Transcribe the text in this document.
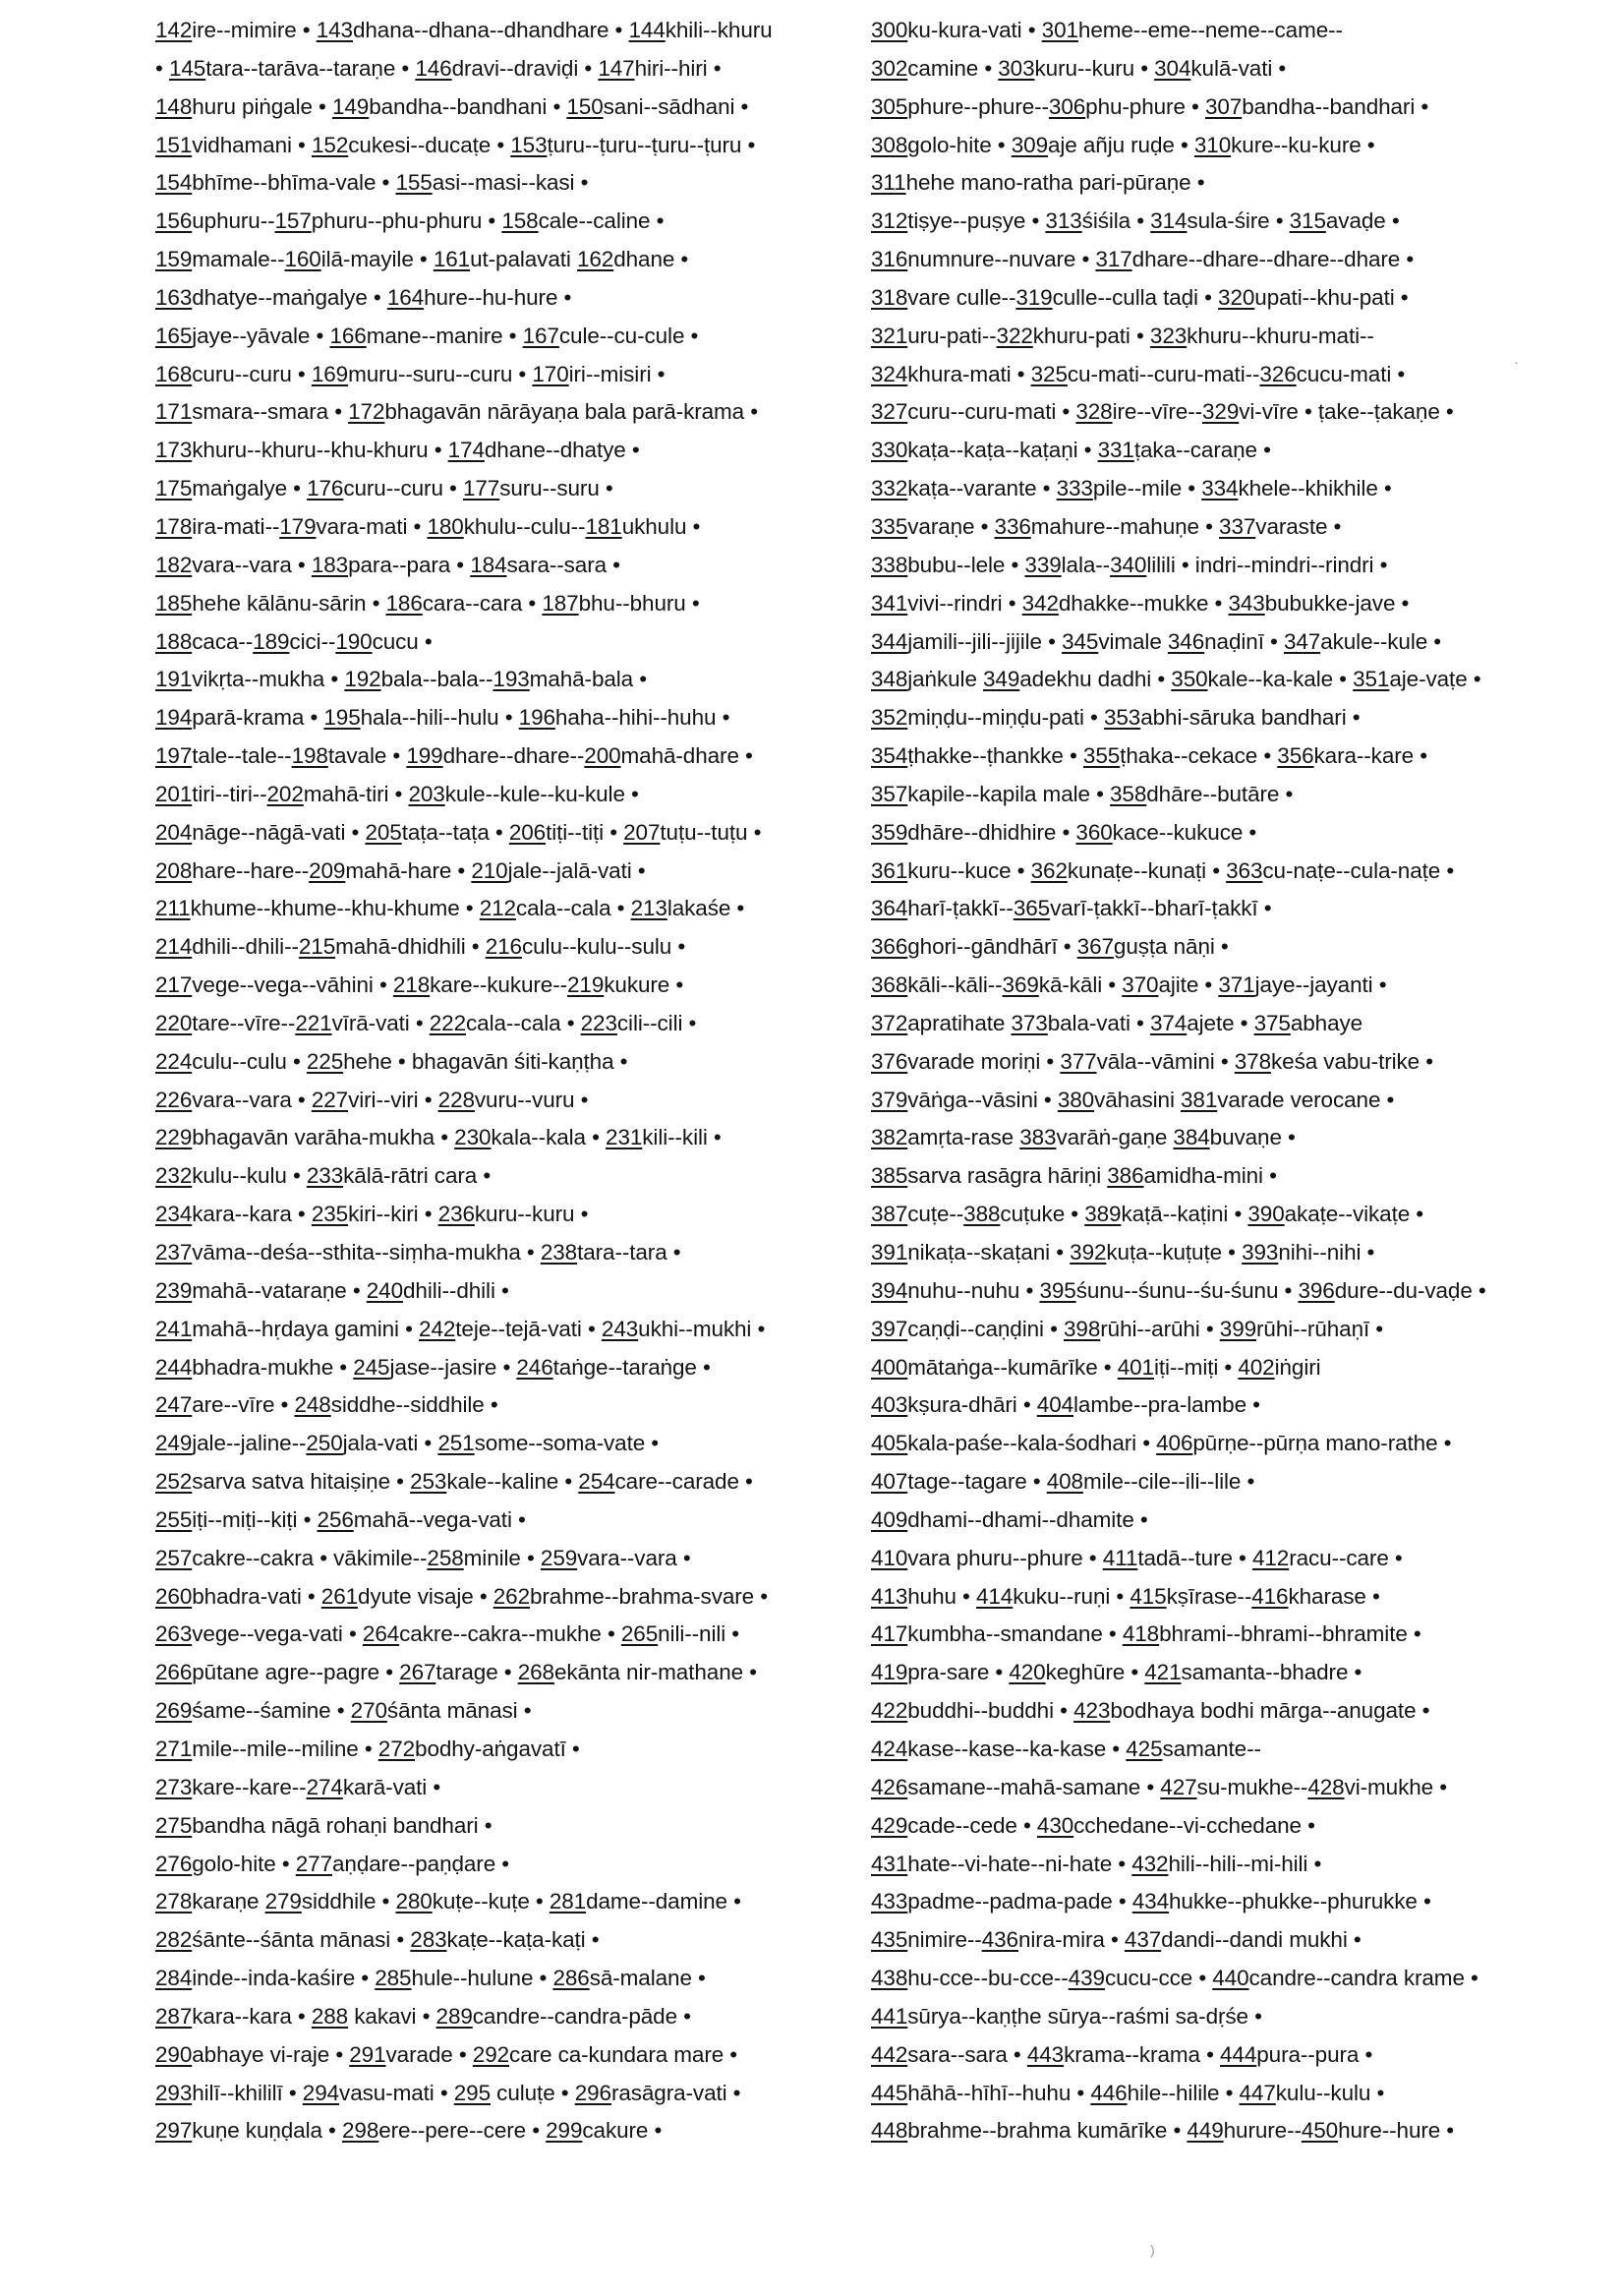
142ire--mimire • 143dhana--dhana--dhandhare • 144khili--khuru
• 145tara--tarāva--taraṇe • 146dravi--draviḍi • 147hiri--hiri •
148huru piṅgale • 149bandha--bandhani • 150sani--sādhani •
151vidhamani • 152cukesi--ducaṭe • 153ṭuru--ṭuru--ṭuru--ṭuru •
154bhīme--bhīma-vale • 155asi--masi--kasi •
156uphuru--157phuru--phu-phuru • 158cale--caline •
159mamale--160ilā-mayile • 161ut-palavati 162dhane •
163dhatye--maṅgalye • 164hure--hu-hure •
165jaye--yāvale • 166mane--manire • 167cule--cu-cule •
168curu--curu • 169muru--suru--curu • 170iri--misiri •
171smara--smara • 172bhagavān nārāyaṇa bala parā-krama •
173khuru--khuru--khu-khuru • 174dhane--dhatye •
175maṅgalye • 176curu--curu • 177suru--suru •
178ira-mati--179vara-mati • 180khulu--culu--181ukhulu •
182vara--vara • 183para--para • 184sara--sara •
185hehe kālānu-sārin • 186cara--cara • 187bhu--bhuru •
188caca--189cici--190cucu •
191vikṛta--mukha • 192bala--bala--193mahā-bala •
194parā-krama • 195hala--hili--hulu • 196haha--hihi--huhu •
197tale--tale--198tavale • 199dhare--dhare--200mahā-dhare •
201tiri--tiri--202mahā-tiri • 203kule--kule--ku-kule •
204nāge--nāgā-vati • 205taṭa--taṭa • 206tiṭi--tiṭi • 207tuṭu--tuṭu •
208hare--hare--209mahā-hare • 210jale--jalā-vati •
211khume--khume--khu-khume • 212cala--cala • 213lakaśe •
214dhili--dhili--215mahā-dhidhili • 216culu--kulu--sulu •
217vege--vega--vāhini • 218kare--kukure--219kukure •
220tare--vīre--221vīrā-vati • 222cala--cala • 223cili--cili •
224culu--culu • 225hehe • bhagavān śiti-kaṇṭha •
226vara--vara • 227viri--viri • 228vuru--vuru •
229bhagavān varāha-mukha • 230kala--kala • 231kili--kili •
232kulu--kulu • 233kālā-rātri cara •
234kara--kara • 235kiri--kiri • 236kuru--kuru •
237vāma--deśa--sthita--siṃha-mukha • 238tara--tara •
239mahā--vataraṇe • 240dhili--dhili •
241mahā--hṛdaya gamini • 242teje--tejā-vati • 243ukhi--mukhi •
244bhadra-mukhe • 245jase--jasire • 246taṅge--taraṅge •
247are--vīre • 248siddhe--siddhile •
249jale--jaline--250jala-vati • 251some--soma-vate •
252sarva satva hitaiṣiṇe • 253kale--kaline • 254care--carade •
255iṭi--miṭi--kiṭi • 256mahā--vega-vati •
257cakre--cakra • vākimile--258minile • 259vara--vara •
260bhadra-vati • 261dyute visaje • 262brahme--brahma-svare •
263vege--vega-vati • 264cakre--cakra--mukhe • 265nili--nili •
266pūtane agre--pagre • 267tarage • 268ekānta nir-mathane •
269śame--śamine • 270śānta mānasi •
271mile--mile--miline • 272bodhy-aṅgavatī •
273kare--kare--274karā-vati •
275bandha nāgā rohaṇi bandhari •
276golo-hite • 277aṇḍare--paṇḍare •
278karaṇe 279siddhile • 280kuṭe--kuṭe • 281dame--damine •
282śānte--śānta mānasi • 283kaṭe--kaṭa-kaṭi •
284inde--inda-kaśire • 285hule--hulune • 286sā-malane •
287kara--kara • 288 kakavi • 289candre--candra-pāde •
290abhaye vi-raje • 291varade • 292care ca-kundara mare •
293hilī--khililī • 294vasu-mati • 295 culuṭe • 296rasāgra-vati •
297kuṇe kuṇḍala • 298ere--pere--cere • 299cakure •
300ku-kura-vati • 301heme--eme--neme--came--
302camine • 303kuru--kuru • 304kulā-vati •
305phure--phure--306phu-phure • 307bandha--bandhari •
308golo-hite • 309aje añju ruḍe • 310kure--ku-kure •
311hehe mano-ratha pari-pūraṇe •
312tiṣye--puṣye • 313śiśila • 314sula-śire • 315avaḍe •
316numnure--nuvare • 317dhare--dhare--dhare--dhare •
318vare culle--319culle--culla taḍi • 320upati--khu-pati •
321uru-pati--322khuru-pati • 323khuru--khuru-mati--
324khura-mati • 325cu-mati--curu-mati--326cucu-mati •
327curu--curu-mati • 328ire--vīre--329vi-vīre • ṭake--ṭakaṇe •
330kaṭa--kaṭa--kaṭaṇi • 331ṭaka--caraṇe •
332kaṭa--varante • 333pile--mile • 334khele--khikhile •
335varaṇe • 336mahure--mahuṇe • 337varaste •
338bubu--lele • 339lala--340lilili • indri--mindri--rindri •
341vivi--rindri • 342dhakke--mukke • 343bubukke-jave •
344jamili--jili--jijile • 345vimale 346naḍinī • 347akule--kule •
348jaṅkule 349adekhu dadhi • 350kale--ka-kale • 351aje-vaṭe •
352miṇḍu--miṇḍu-pati • 353abhi-sāruka bandhari •
354ṭhakke--ṭhankke • 355ṭhaka--cekace • 356kara--kare •
357kapile--kapila male • 358dhāre--butāre •
359dhāre--dhidhire • 360kace--kukuce •
361kuru--kuce • 362kunaṭe--kunaṭi • 363cu-naṭe--cula-naṭe •
364harī-ṭakkī--365varī-ṭakkī--bharī-ṭakkī •
366ghori--gāndhārī • 367guṣṭa nāṇi •
368kāli--kāli--369kā-kāli • 370ajite • 371jaye--jayanti •
372apratihate 373bala-vati • 374ajete • 375abhaye
376varade moriṇi • 377vāla--vāmini • 378keśa vabu-trike •
379vāṅga--vāsini • 380vāhasini 381varade verocane •
382amṛta-rase 383varāṅ-gaṇe 384buvaṇe •
385sarva rasāgra hāriṇi 386amidha-mini •
387cuṭe--388cuṭuke • 389kaṭā--kaṭini • 390akaṭe--vikaṭe •
391nikaṭa--skaṭani • 392kuṭa--kuṭuṭe • 393nihi--nihi •
394nuhu--nuhu • 395śunu--śunu--śu-śunu • 396dure--du-vaḍe •
397caṇḍi--caṇḍini • 398rūhi--arūhi • 399rūhi--rūhaṇī •
400mātaṅga--kumārīke • 401iṭi--miṭi • 402iṅgiri
403kṣura-dhāri • 404lambe--pra-lambe •
405kala-paśe--kala-śodhari • 406pūrṇe--pūrṇa mano-rathe •
407tage--tagare • 408mile--cile--ili--lile •
409dhami--dhami--dhamite •
410vara phuru--phure • 411tadā--ture • 412racu--care •
413huhu • 414kuku--ruṇi • 415kṣīrase--416kharase •
417kumbha--smandane • 418bhrami--bhrami--bhramite •
419pra-sare • 420keghūre • 421samanta--bhadre •
422buddhi--buddhi • 423bodhaya bodhi mārga--anugate •
424kase--kase--ka-kase • 425samante--
426samane--mahā-samane • 427su-mukhe--428vi-mukhe •
429cade--cede • 430cchedane--vi-cchedane •
431hate--vi-hate--ni-hate • 432hili--hili--mi-hili •
433padme--padma-pade • 434hukke--phukke--phurukke •
435nimire--436nira-mira • 437dandi--dandi mukhi •
438hu-cce--bu-cce--439cucu-cce • 440candre--candra krame •
441sūrya--kaṇṭhe sūrya--raśmi sa-dṛśe •
442sara--sara • 443krama--krama • 444pura--pura •
445hāhā--hīhī--huhu • 446hile--hilile • 447kulu--kulu •
448brahme--brahma kumārīke • 449hurure--450hure--hure •
·
)
